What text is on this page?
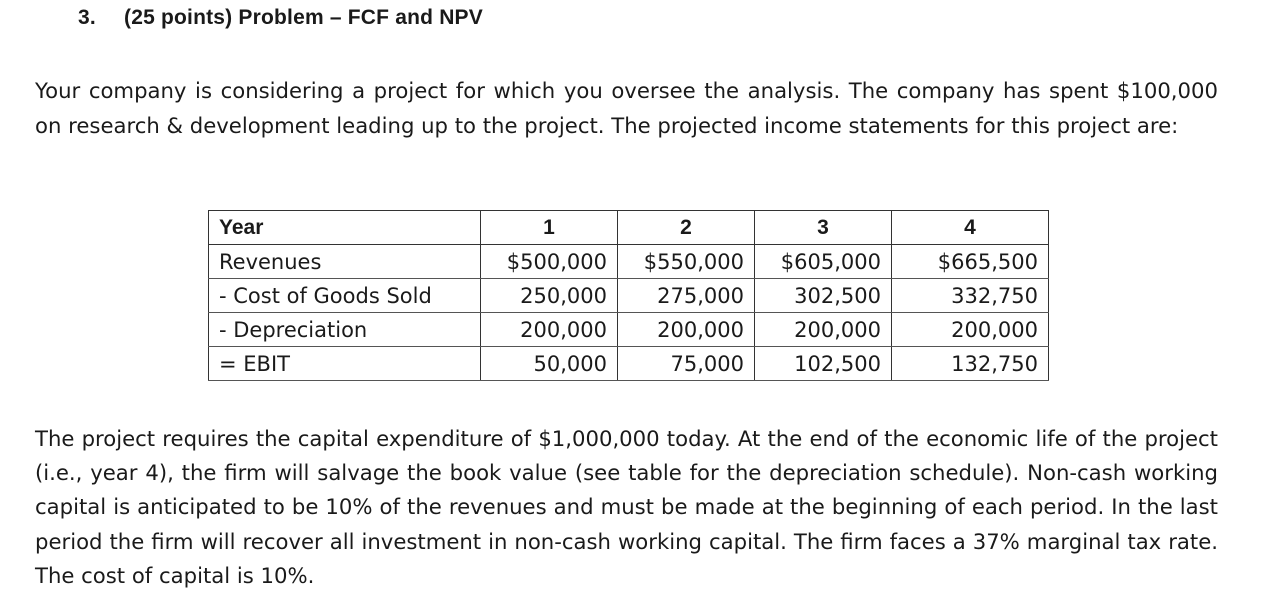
3. (25 points) Problem – FCF and NPV

Your company is considering a project for which you oversee the analysis. The company has spent $100,000 on research & development leading up to the project. The projected income statements for this project are:

Year	1	2	3	4
Revenues	$500,000	$550,000	$605,000	$665,500
- Cost of Goods Sold	250,000	275,000	302,500	332,750
- Depreciation	200,000	200,000	200,000	200,000
= EBIT	50,000	75,000	102,500	132,750

The project requires the capital expenditure of $1,000,000 today. At the end of the economic life of the project (i.e., year 4), the firm will salvage the book value (see table for the depreciation schedule). Non-cash working capital is anticipated to be 10% of the revenues and must be made at the beginning of each period. In the last period the firm will recover all investment in non-cash working capital. The firm faces a 37% marginal tax rate. The cost of capital is 10%.
